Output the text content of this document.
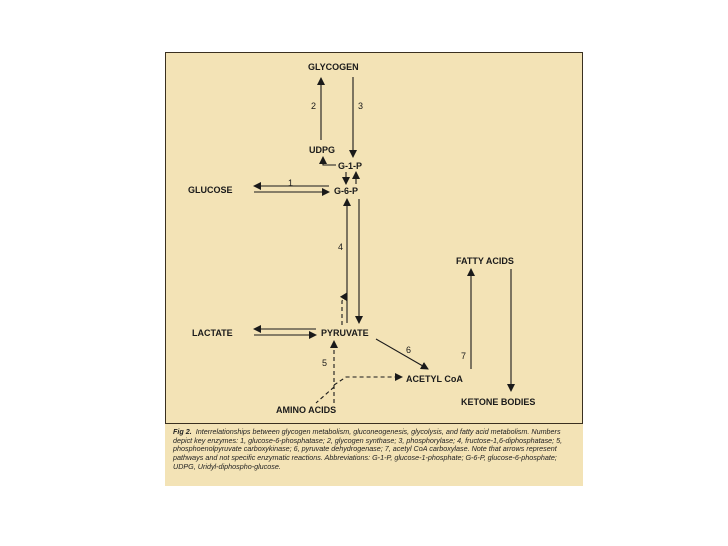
GLYCOGEN
UDPG
G-1-P
G-6-P
GLUCOSE
LACTATE	PYRUVATE
ACETYL CoA
AMINO ACIDS
FATTY ACIDS
KETONE BODIES
1
2	3
4
5
6
7

Fig 2. Interrelationships between glycogen metabolism, gluconeogenesis, glycolysis, and fatty acid metabolism. Numbers depict key enzymes: 1, glucose-6-phosphatase; 2, glycogen synthase; 3, phosphorylase; 4, fructose-1,6-diphosphatase; 5, phosphoenolpyruvate carboxykinase; 6, pyruvate dehydrogenase; 7, acetyl CoA carboxylase. Note that arrows represent pathways and not specific enzymatic reactions. Abbreviations: G-1-P, glucose-1-phosphate; G-6-P, glucose-6-phosphate; UDPG, Uridyl-diphospho-glucose.
